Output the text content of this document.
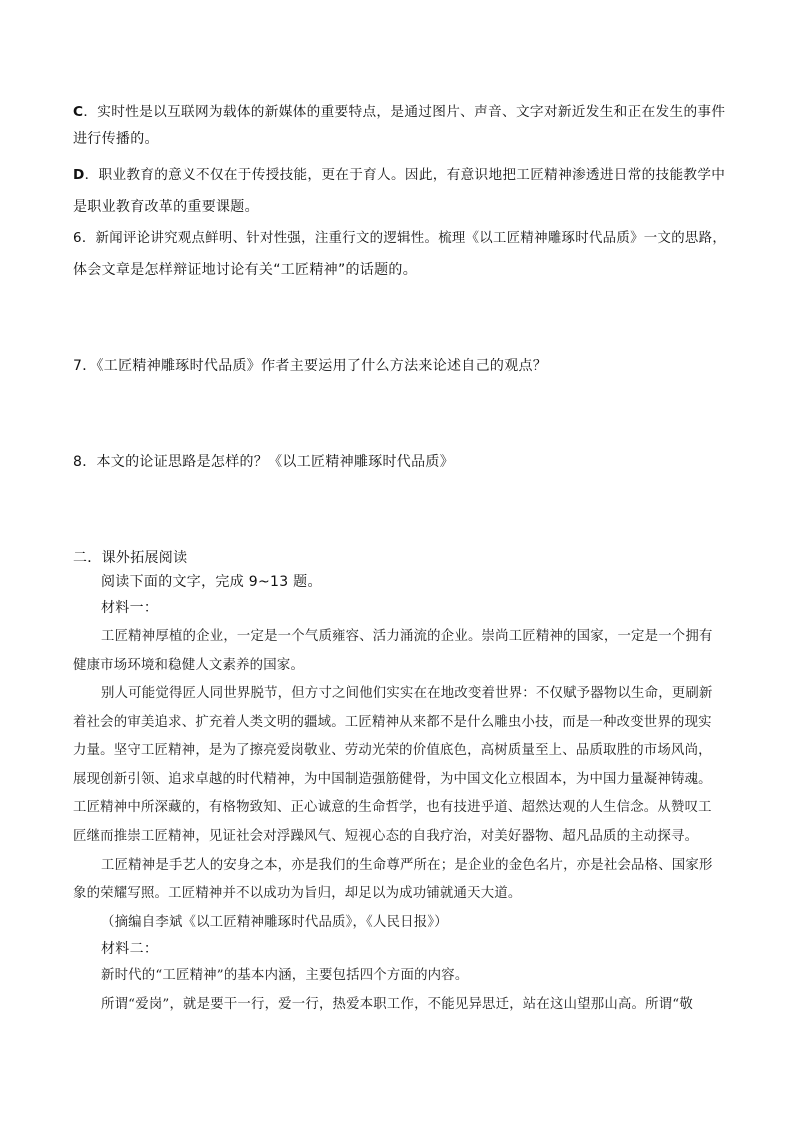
C．实时性是以互联网为载体的新媒体的重要特点，是通过图片、声音、文字对新近发生和正在发生的事件
进行传播的。
D．职业教育的意义不仅在于传授技能，更在于育人。因此，有意识地把工匠精神渗透进日常的技能教学中
是职业教育改革的重要课题。
6．新闻评论讲究观点鲜明、针对性强，注重行文的逻辑性。梳理《以工匠精神雕琢时代品质》一文的思路，
体会文章是怎样辩证地讨论有关“工匠精神”的话题的。
7．《工匠精神雕琢时代品质》作者主要运用了什么方法来论述自己的观点？
8．本文的论证思路是怎样的？《以工匠精神雕琢时代品质》
二．课外拓展阅读
阅读下面的文字，完成 9~13 题。
材料一：
工匠精神厚植的企业，一定是一个气质雍容、活力涌流的企业。崇尚工匠精神的国家，一定是一个拥有
健康市场环境和稳健人文素养的国家。
别人可能觉得匠人同世界脱节，但方寸之间他们实实在在地改变着世界：不仅赋予器物以生命，更刷新
着社会的审美追求、扩充着人类文明的疆域。工匠精神从来都不是什么雕虫小技，而是一种改变世界的现实
力量。坚守工匠精神，是为了擦亮爱岗敬业、劳动光荣的价值底色，高树质量至上、品质取胜的市场风尚，
展现创新引领、追求卓越的时代精神，为中国制造强筋健骨，为中国文化立根固本，为中国力量凝神铸魂。
工匠精神中所深藏的，有格物致知、正心诚意的生命哲学，也有技进乎道、超然达观的人生信念。从赞叹工
匠继而推崇工匠精神，见证社会对浮躁风气、短视心态的自我疗治，对美好器物、超凡品质的主动探寻。
工匠精神是手艺人的安身之本，亦是我们的生命尊严所在；是企业的金色名片，亦是社会品格、国家形
象的荣耀写照。工匠精神并不以成功为旨归，却足以为成功铺就通天大道。
（摘编自李斌《以工匠精神雕琢时代品质》，《人民日报》）
材料二：
新时代的“工匠精神”的基本内涵，主要包括四个方面的内容。
所谓“爱岗”，就是要干一行，爱一行，热爱本职工作，不能见异思迁，站在这山望那山高。所谓“敬
